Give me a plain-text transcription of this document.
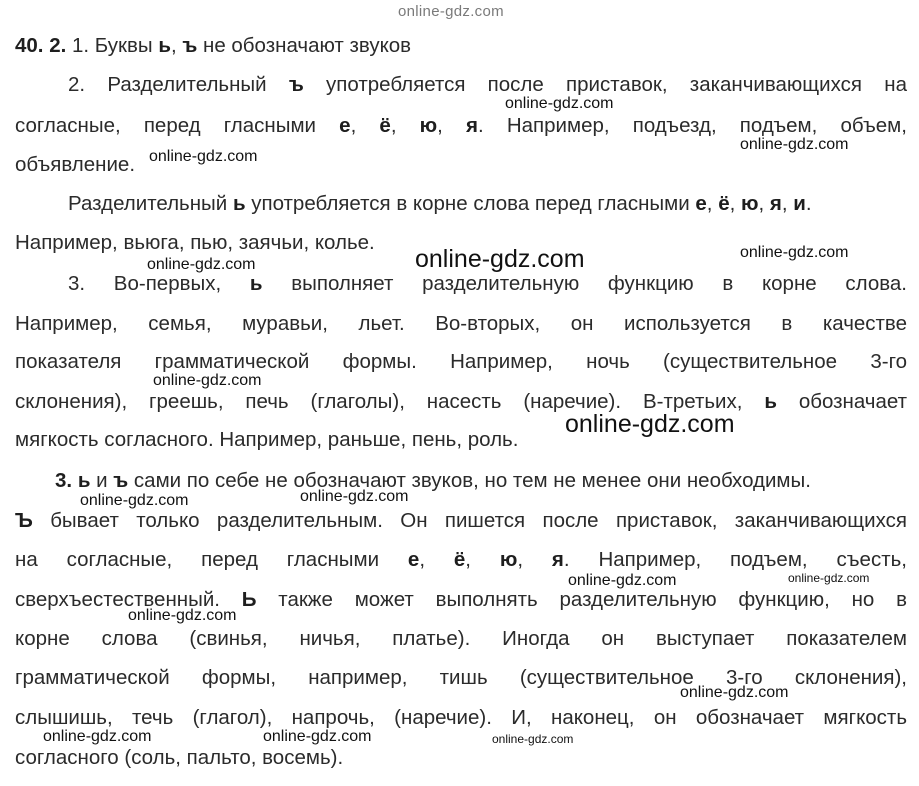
online-gdz.com
40. 2. 1. Буквы ь, ъ не обозначают звуков
2. Разделительный ъ употребляется после приставок, заканчивающихся на
согласные, перед гласными е, ё, ю, я. Например, подъезд, подъем, объем,
объявление.
Разделительный ь употребляется в корне слова перед гласными е, ё, ю, я, и.
Например, вьюга, пью, заячьи, колье.
3. Во-первых, ь выполняет разделительную функцию в корне слова.
Например, семья, муравьи, льет. Во-вторых, он используется в качестве
показателя грамматической формы. Например, ночь (существительное 3-го
склонения), греешь, печь (глаголы), насесть (наречие). В-третьих, ь обозначает
мягкость согласного. Например, раньше, пень, роль.
3. ь и ъ сами по себе не обозначают звуков, но тем не менее они необходимы.
Ъ бывает только разделительным. Он пишется после приставок, заканчивающихся
на согласные, перед гласными е, ё, ю, я. Например, подъем, съесть,
сверхъестественный. Ь также может выполнять разделительную функцию, но в
корне слова (свинья, ничья, платье). Иногда он выступает показателем
грамматической формы, например, тишь (существительное 3-го склонения),
слышишь, течь (глагол), напрочь, (наречие). И, наконец, он обозначает мягкость
согласного (соль, пальто, восемь).
online-gdz.com
online-gdz.com
online-gdz.com
online-gdz.com
online-gdz.com	online-gdz.com
online-gdz.com
online-gdz.com
online-gdz.com	online-gdz.com
online-gdz.com	online-gdz.com
online-gdz.com
online-gdz.com
online-gdz.com	online-gdz.com	online-gdz.com
